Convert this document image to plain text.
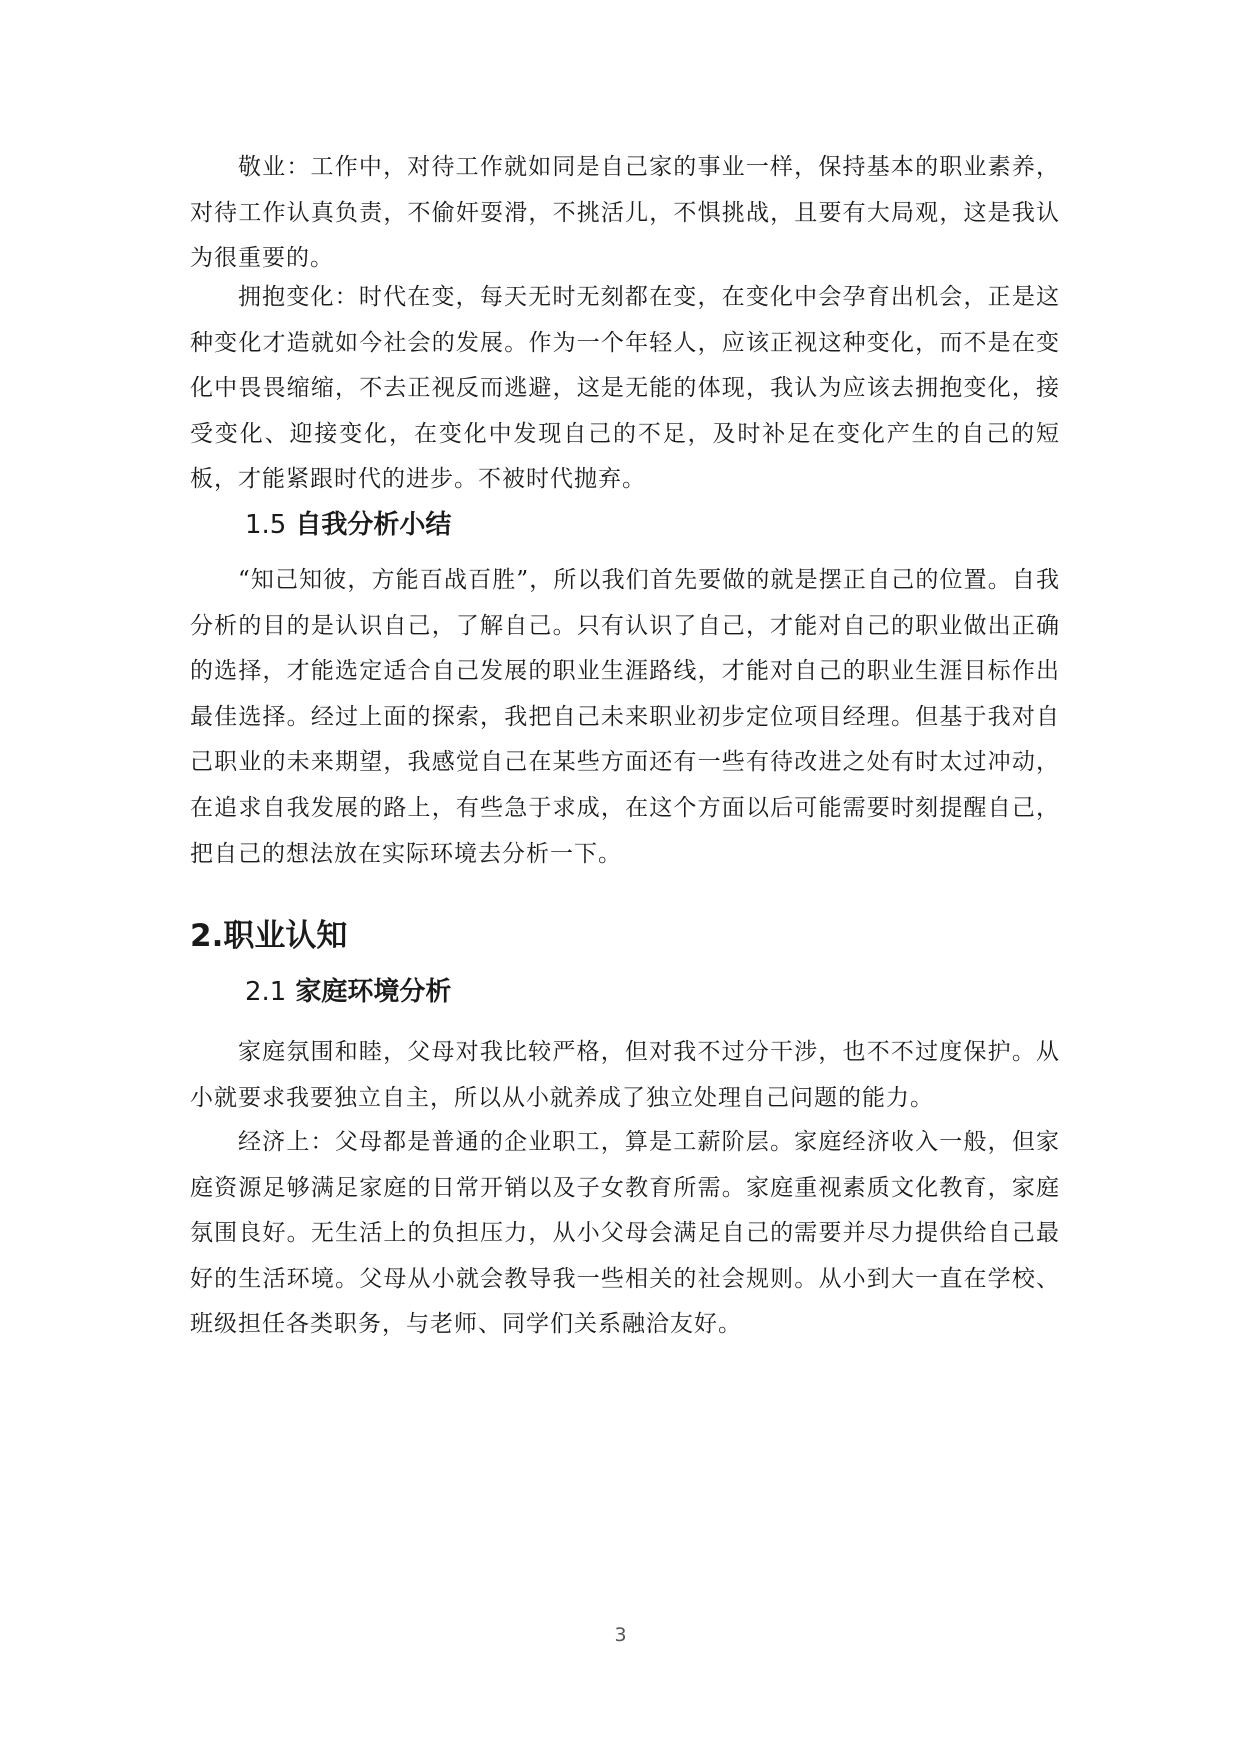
敬业：工作中，对待工作就如同是自己家的事业一样，保持基本的职业素养，对待工作认真负责，不偷奸耍滑，不挑活儿，不惧挑战，且要有大局观，这是我认为很重要的。

拥抱变化：时代在变，每天无时无刻都在变，在变化中会孕育出机会，正是这种变化才造就如今社会的发展。作为一个年轻人，应该正视这种变化，而不是在变化中畏畏缩缩，不去正视反而逃避，这是无能的体现，我认为应该去拥抱变化，接受变化、迎接变化，在变化中发现自己的不足，及时补足在变化产生的自己的短板，才能紧跟时代的进步。不被时代抛弃。

1.5 自我分析小结

“知己知彼，方能百战百胜”，所以我们首先要做的就是摆正自己的位置。自我分析的目的是认识自己，了解自己。只有认识了自己，才能对自己的职业做出正确的选择，才能选定适合自己发展的职业生涯路线，才能对自己的职业生涯目标作出最佳选择。经过上面的探索，我把自己未来职业初步定位项目经理。但基于我对自己职业的未来期望，我感觉自己在某些方面还有一些有待改进之处有时太过冲动，在追求自我发展的路上，有些急于求成，在这个方面以后可能需要时刻提醒自己，把自己的想法放在实际环境去分析一下。

2.职业认知
2.1 家庭环境分析

家庭氛围和睦，父母对我比较严格，但对我不过分干涉，也不不过度保护。从小就要求我要独立自主，所以从小就养成了独立处理自己问题的能力。

经济上：父母都是普通的企业职工，算是工薪阶层。家庭经济收入一般，但家庭资源足够满足家庭的日常开销以及子女教育所需。家庭重视素质文化教育，家庭氛围良好。无生活上的负担压力，从小父母会满足自己的需要并尽力提供给自己最好的生活环境。父母从小就会教导我一些相关的社会规则。从小到大一直在学校、班级担任各类职务，与老师、同学们关系融洽友好。

3
